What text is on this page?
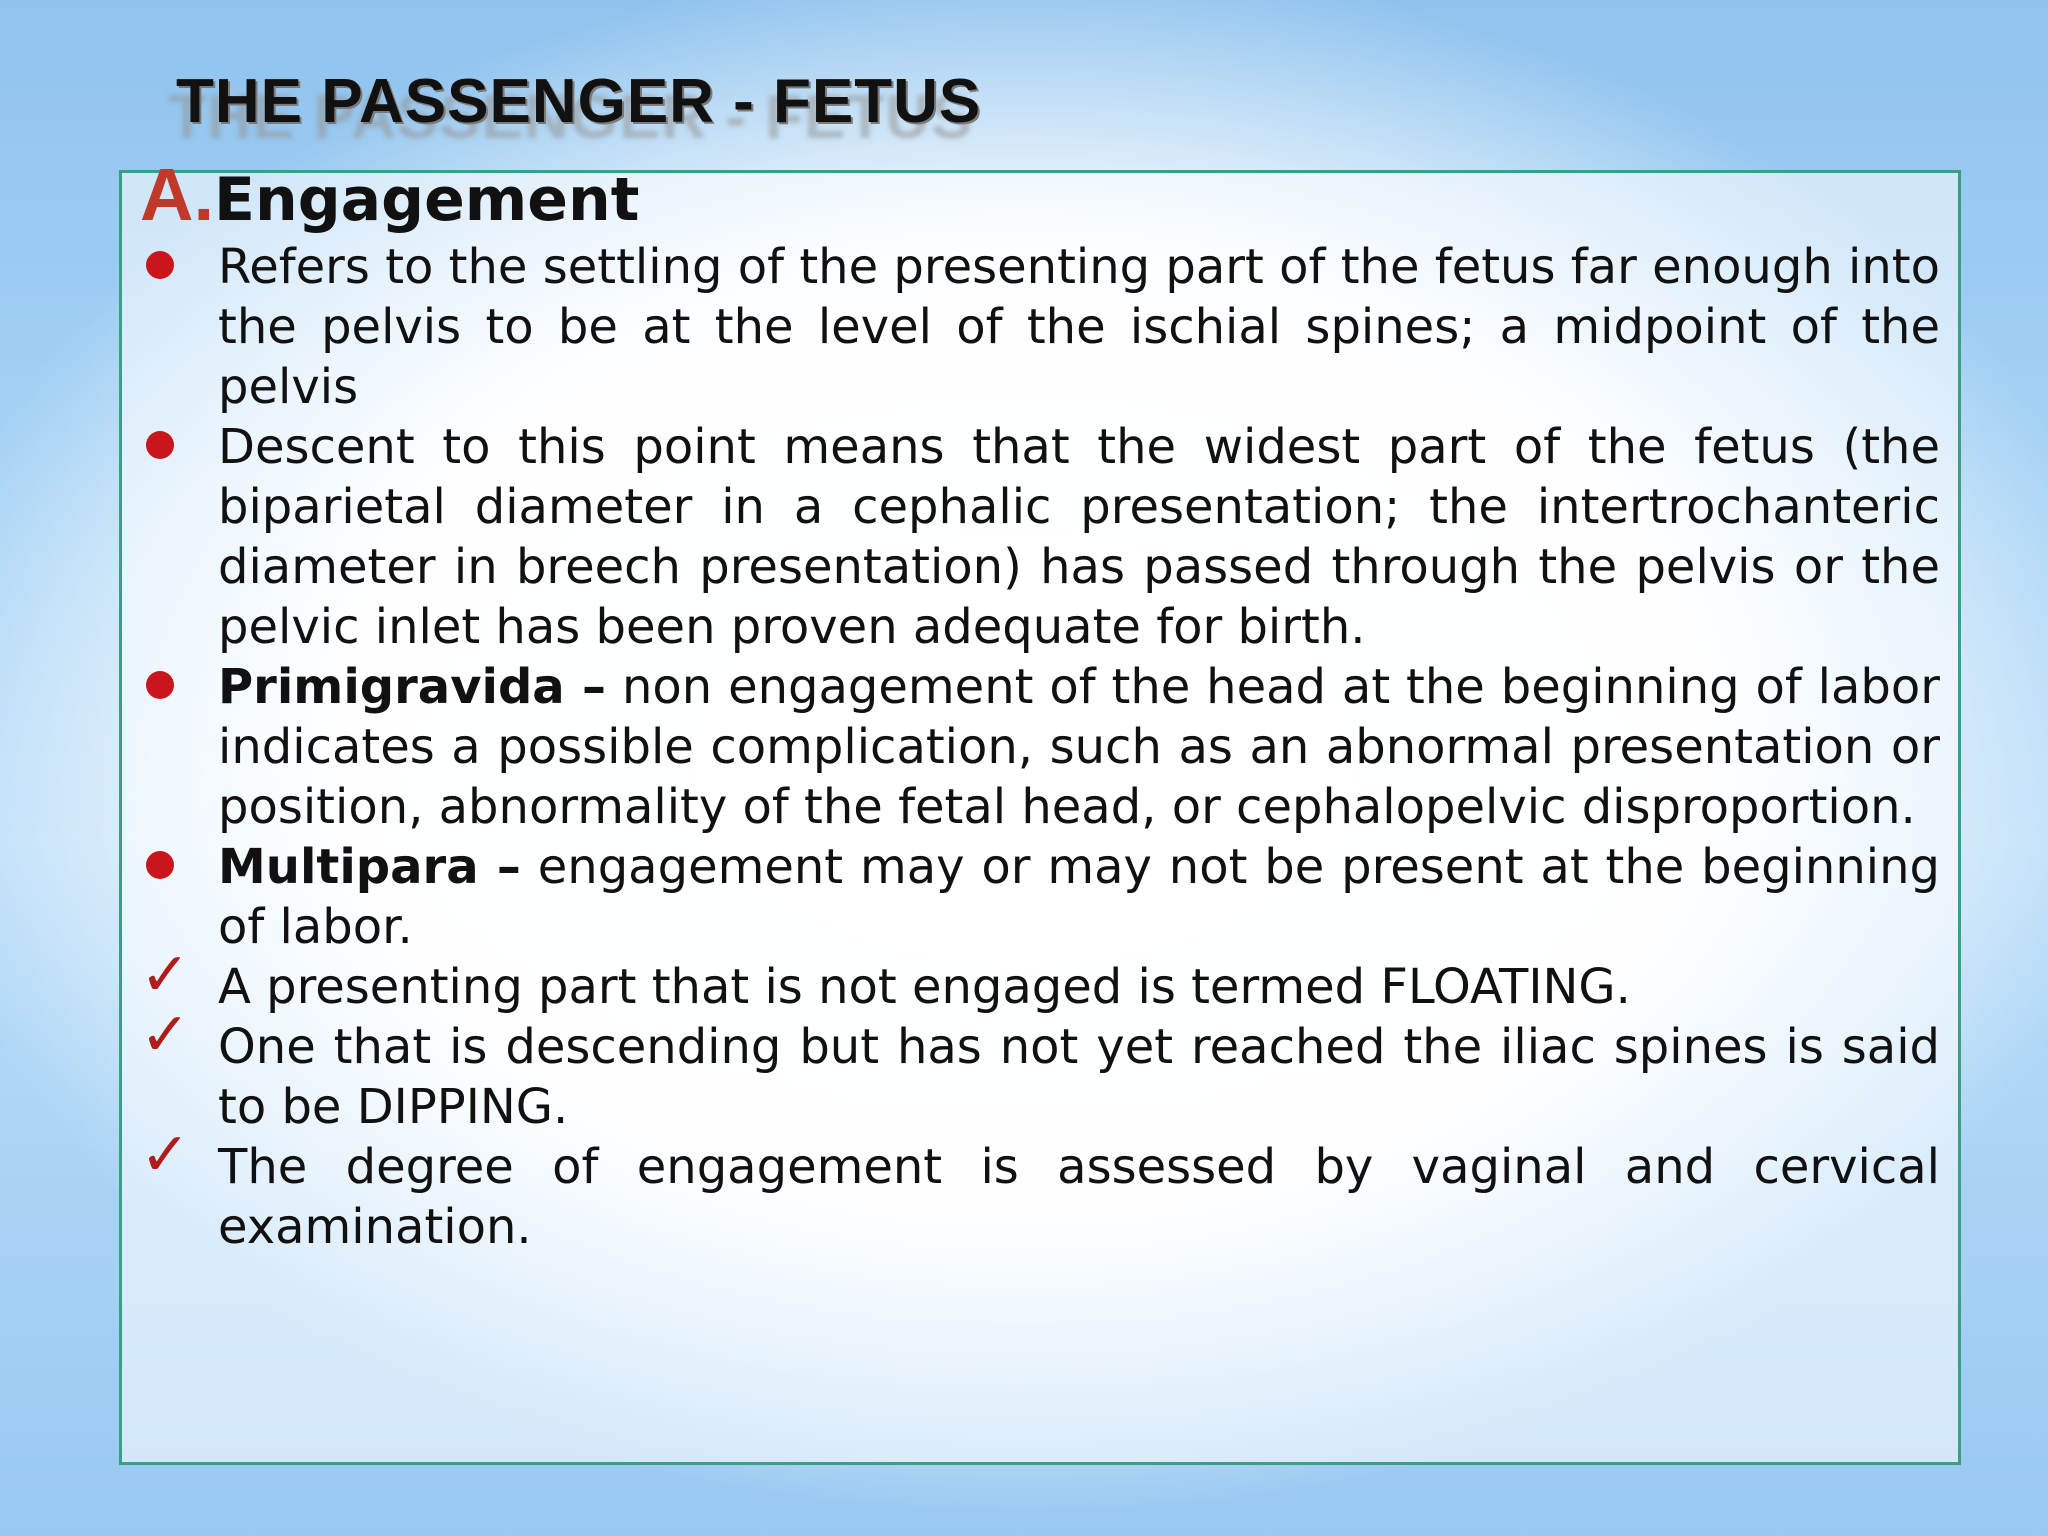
THE PASSENGER - FETUS
A.Engagement
Refers to the settling of the presenting part of the fetus far enough into the pelvis to be at the level of the ischial spines; a midpoint of the pelvis
Descent to this point means that the widest part of the fetus (the biparietal diameter in a cephalic presentation; the intertrochanteric diameter in breech presentation) has passed through the pelvis or the pelvic inlet has been proven adequate for birth.
Primigravida – non engagement of the head at the beginning of labor indicates a possible complication, such as an abnormal presentation or position, abnormality of the fetal head, or cephalopelvic disproportion.
Multipara – engagement may or may not be present at the beginning of labor.
✓ A presenting part that is not engaged is termed FLOATING.
✓ One that is descending but has not yet reached the iliac spines is said to be DIPPING.
✓ The degree of engagement is assessed by vaginal and cervical examination.
